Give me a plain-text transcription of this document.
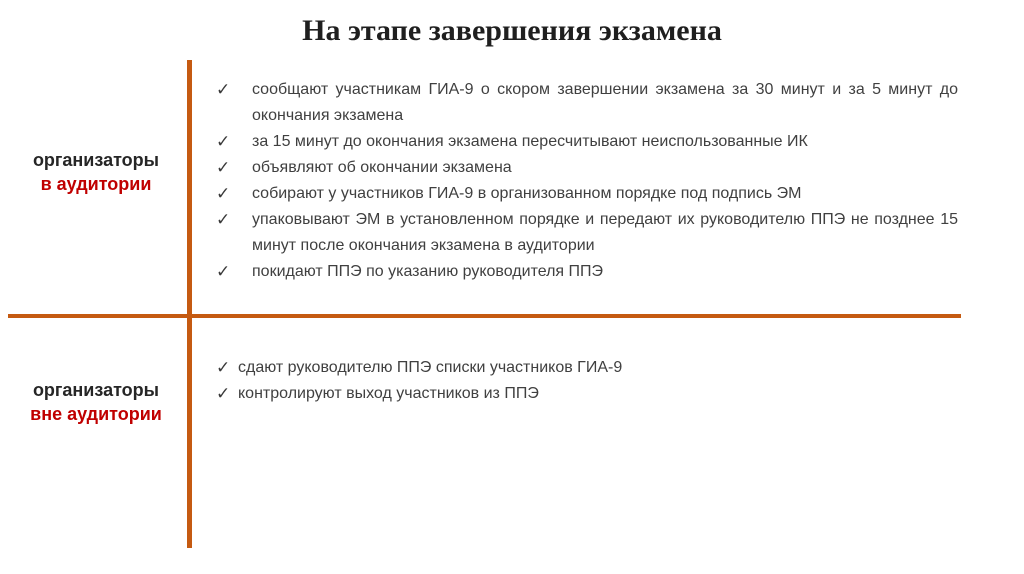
На этапе завершения экзамена
организаторы
в аудитории
организаторы
вне аудитории
✓ сообщают участникам ГИА-9 о скором завершении экзамена за 30 минут и за 5 минут до окончания экзамена
✓ за 15 минут до окончания экзамена пересчитывают неиспользованные ИК
✓ объявляют об окончании экзамена
✓ собирают у участников ГИА-9 в организованном порядке под подпись ЭМ
✓ упаковывают ЭМ в установленном порядке и передают их руководителю ППЭ не позднее 15 минут после окончания экзамена в аудитории
✓ покидают ППЭ по указанию руководителя ППЭ
✓ сдают руководителю ППЭ списки участников ГИА-9
✓ контролируют выход участников из ППЭ
